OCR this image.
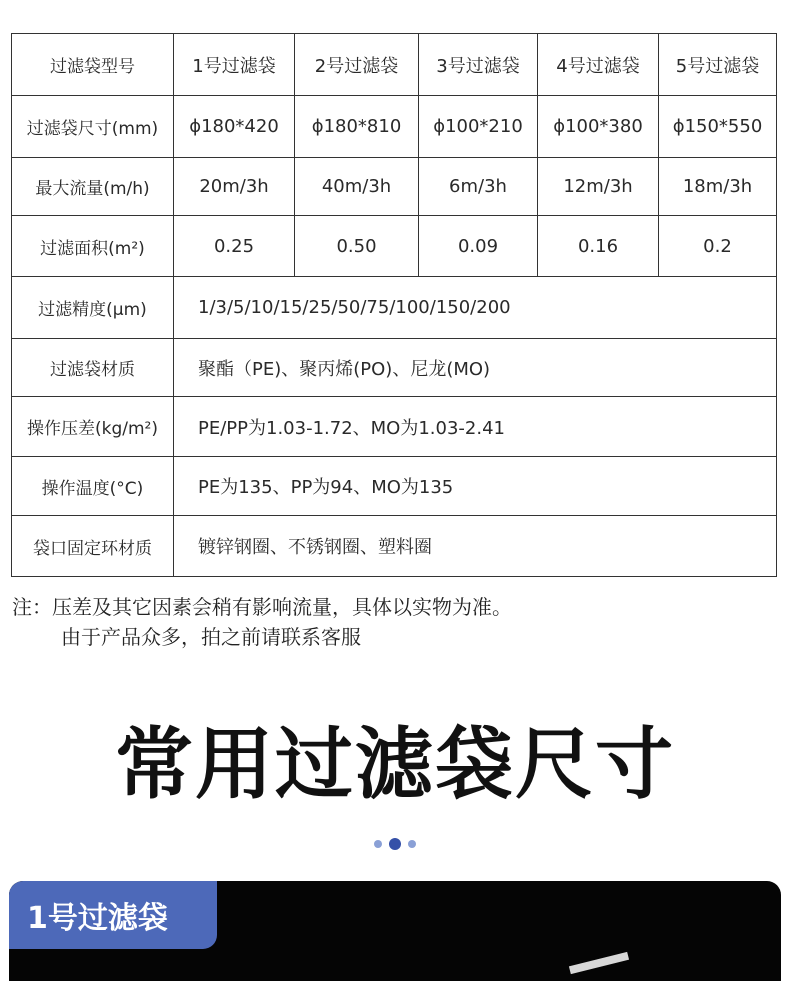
过滤袋型号	1号过滤袋	2号过滤袋	3号过滤袋	4号过滤袋	5号过滤袋
过滤袋尺寸(mm)	ϕ180*420	ϕ180*810	ϕ100*210	ϕ100*380	ϕ150*550
最大流量(m/h)	20m/3h	40m/3h	6m/3h	12m/3h	18m/3h
过滤面积(m²)	0.25	0.50	0.09	0.16	0.2
过滤精度(μm)	1/3/5/10/15/25/50/75/100/150/200				
过滤袋材质	聚酯（PE)、聚丙烯(PO)、尼龙(MO)				
操作压差(kg/m²)	PE/PP为1.03-1.72、MO为1.03-2.41				
操作温度(°C)	PE为135、PP为94、MO为135				
袋口固定环材质	镀锌钢圈、不锈钢圈、塑料圈				
注：压差及其它因素会稍有影响流量，具体以实物为准。
由于产品众多，拍之前请联系客服
常用过滤袋尺寸
1号过滤袋
